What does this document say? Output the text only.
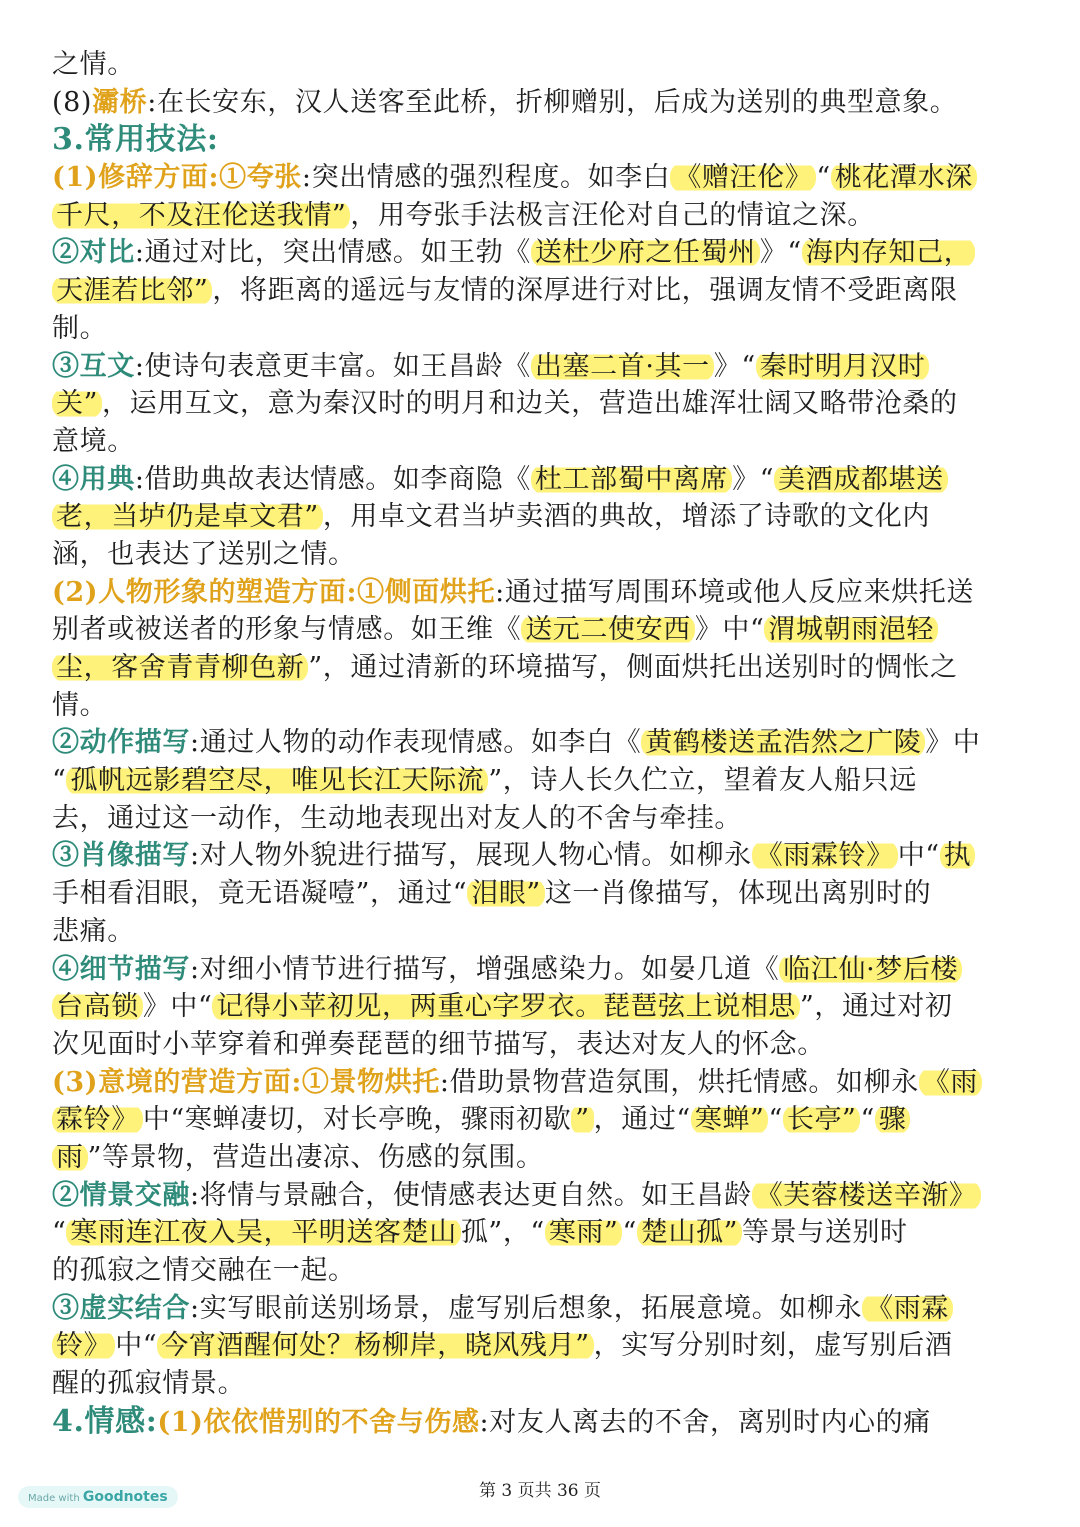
之情。
(8)灞桥:在长安东，汉人送客至此桥，折柳赠别，后成为送别的典型意象。
3.常用技法:
(1)修辞方面:①夸张:突出情感的强烈程度。如李白 《赠汪伦》 “ 桃花潭水深
千尺，不及汪伦送我情” ，用夸张手法极言汪伦对自己的情谊之深。
②对比:通过对比，突出情感。如王勃《 送杜少府之任蜀州 》“ 海内存知己，
天涯若比邻” ，将距离的遥远与友情的深厚进行对比，强调友情不受距离限
制。
③互文:使诗句表意更丰富。如王昌龄《 出塞二首·其一 》“ 秦时明月汉时
关” ，运用互文，意为秦汉时的明月和边关，营造出雄浑壮阔又略带沧桑的
意境。
④用典:借助典故表达情感。如李商隐《 杜工部蜀中离席 》“ 美酒成都堪送
老，当垆仍是卓文君” ，用卓文君当垆卖酒的典故，增添了诗歌的文化内
涵，也表达了送别之情。
(2)人物形象的塑造方面:①侧面烘托:通过描写周围环境或他人反应来烘托送
别者或被送者的形象与情感。如王维《 送元二使安西 》中“ 渭城朝雨浥轻
尘，客舍青青柳色新 ”，通过清新的环境描写，侧面烘托出送别时的惆怅之
情。
②动作描写:通过人物的动作表现情感。如李白《 黄鹤楼送孟浩然之广陵 》中
“ 孤帆远影碧空尽，唯见长江天际流 ”，诗人长久伫立，望着友人船只远
去，通过这一动作，生动地表现出对友人的不舍与牵挂。
③肖像描写:对人物外貌进行描写，展现人物心情。如柳永 《雨霖铃》 中“ 执
手相看泪眼，竟无语凝噎”，通过“ 泪眼” 这一肖像描写，体现出离别时的
悲痛。
④细节描写:对细小情节进行描写，增强感染力。如晏几道《 临江仙·梦后楼
台高锁 》中“ 记得小苹初见，两重心字罗衣。琵琶弦上说相思 ”，通过对初
次见面时小苹穿着和弹奏琵琶的细节描写，表达对友人的怀念。
(3)意境的营造方面:①景物烘托:借助景物营造氛围，烘托情感。如柳永 《雨
霖铃》 中“寒蝉凄切，对长亭晚，骤雨初歇 ” ，通过“ 寒蝉” “ 长亭” “ 骤
雨 ”等景物，营造出凄凉、伤感的氛围。
②情景交融:将情与景融合，使情感表达更自然。如王昌龄 《芙蓉楼送辛渐》
“ 寒雨连江夜入吴，平明送客楚山 孤”，“ 寒雨” “ 楚山孤” 等景与送别时
的孤寂之情交融在一起。
③虚实结合:实写眼前送别场景，虚写别后想象，拓展意境。如柳永 《雨霖
铃》 中“ 今宵酒醒何处？杨柳岸，晓风残月” ，实写分别时刻，虚写别后酒
醒的孤寂情景。
4.情感:(1)依依惜别的不舍与伤感:对友人离去的不舍，离别时内心的痛
第 3 页共 36 页
Made with Goodnotes
